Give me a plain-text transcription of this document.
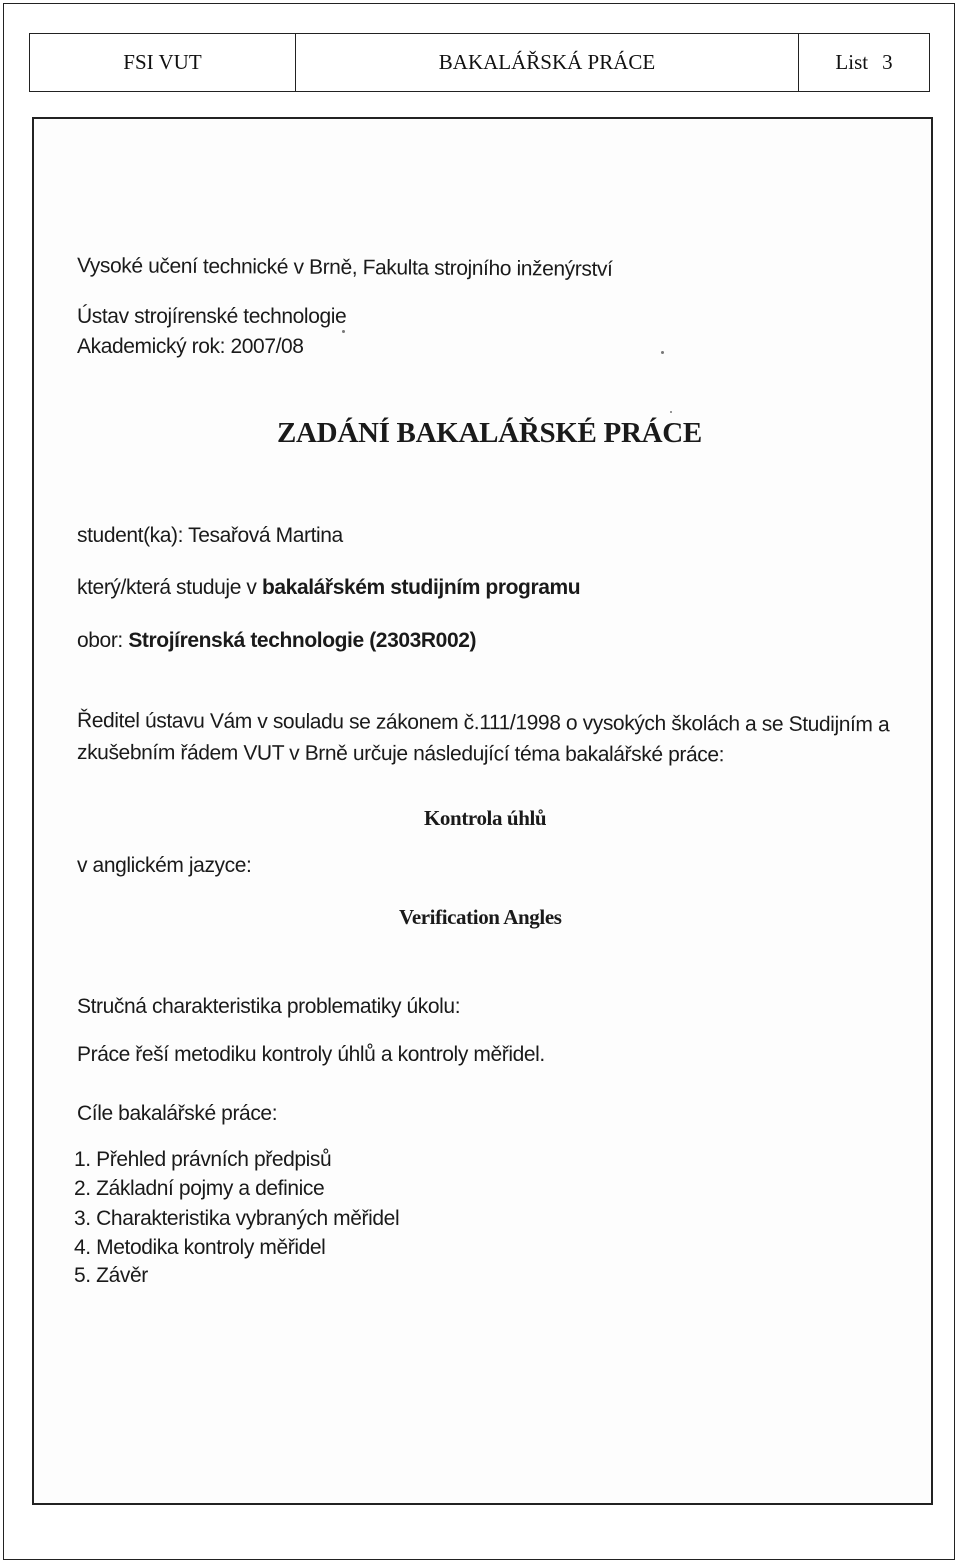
FSI VUT	BAKALÁŘSKÁ PRÁCE	List 3
Vysoké učení technické v Brně, Fakulta strojního inženýrství
Ústav strojírenské technologie
Akademický rok: 2007/08
ZADÁNÍ BAKALÁŘSKÉ PRÁCE
student(ka): Tesařová Martina
který/která studuje v bakalářském studijním programu
obor: Strojírenská technologie (2303R002)
Ředitel ústavu Vám v souladu se zákonem č.111/1998 o vysokých školách a se Studijním a
zkušebním řádem VUT v Brně určuje následující téma bakalářské práce:
Kontrola úhlů
v anglickém jazyce:
Verification Angles
Stručná charakteristika problematiky úkolu:
Práce řeší metodiku kontroly úhlů a kontroly měřidel.
Cíle bakalářské práce:
1. Přehled právních předpisů
2. Základní pojmy a definice
3. Charakteristika vybraných měřidel
4. Metodika kontroly měřidel
5. Závěr
